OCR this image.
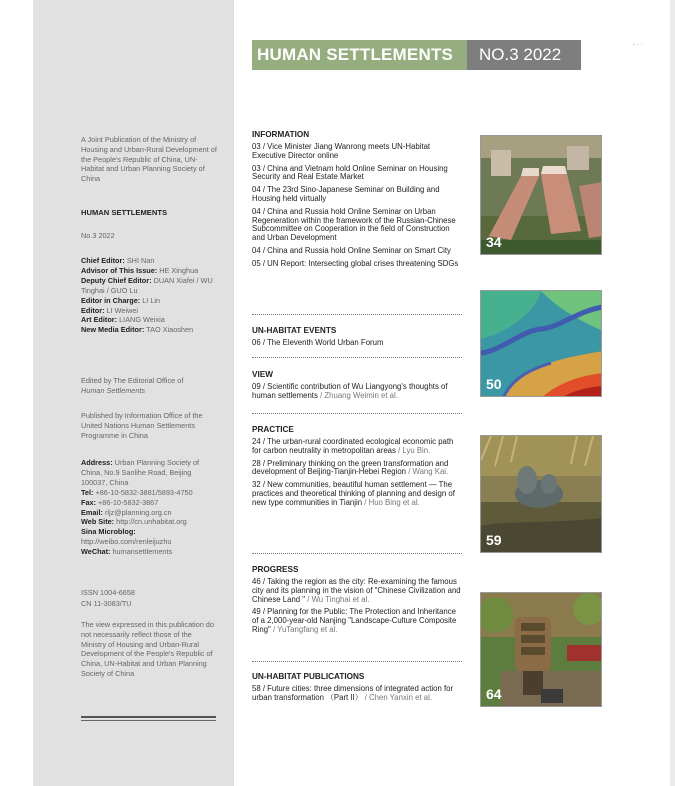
- · ·
HUMAN SETTLEMENTS	NO.3 2022
A Joint Publication of the Ministry of Housing and Urban-Rural Development of the People's Republic of China, UN-Habitat and Urban Planning Society of China
HUMAN SETTLEMENTS
No.3 2022
Chief Editor: SHI Nan
Advisor of This Issue: HE Xinghua
Deputy Chief Editor: DUAN Xiafei / WU Tinghai / GUO Lu
Editor in Charge: LI Lin
Editor: LI Weiwei
Art Editor: LIANG Weixia
New Media Editor: TAO Xiaoshen
Edited by The Editorial Office of
Human Settlements
Published by Information Office of the United Nations Human Settlements Programme in China
Address: Urban Planning Society of China, No.9 Sanlihe Road, Beijing 100037, China
Tel: +86-10-5832-3881/5893-4750
Fax: +86-10-5832-3867
Email: rljz@planning.org.cn
Web Site: http://cn.unhabitat.org
Sina Microblog: http://weibo.com/renleijuzhu
WeChat: humansettlements
ISSN 1004-6658
CN 11-3083/TU
The view expressed in this publication do not necessarily reflect those of the Ministry of Housing and Urban-Rural Development of the People's Republic of China, UN-Habitat and Urban Planning Society of China
INFORMATION
03 / Vice Minister Jiang Wanrong meets UN-Habitat Executive Director online
03 / China and Vietnam hold Online Seminar on Housing Security and Real Estate Market
04 / The 23rd Sino-Japanese Seminar on Building and Housing held virtually
04 / China and Russia hold Online Seminar on Urban Regeneration within the framework of the Russian-Chinese Subcommittee on Cooperation in the field of Construction and Urban Development
04 / China and Russia hold Online Seminar on Smart City
05 / UN Report: Intersecting global crises threatening SDGs
UN-HABITAT EVENTS
06 / The Eleventh World Urban Forum
VIEW
09 / Scientific contribution of Wu Liangyong's thoughts of human settlements / Zhuang Weimin et al.
PRACTICE
24 / The urban-rural coordinated ecological economic path for carbon neutrality in metropolitan areas / Lyu Bin.
28 / Preliminary thinking on the green transformation and development of Beijing-Tianjin-Hebei Region / Wang Kai.
32 / New communities, beautiful human settlement — The practices and theoretical thinking of planning and design of new type communities in Tianjin / Huo Bing et al.
PROGRESS
46 / Taking the region as the city: Re-examining the famous city and its planning in the vision of "Chinese Civilization and Chinese Land " / Wu Tinghai et al.
49 / Planning for the Public: The Protection and Inheritance of a 2,000-year-old Nanjing "Landscape-Culture Composite Ring" / YuTangfang et al.
UN-HABITAT PUBLICATIONS
58 / Future cities: three dimensions of integrated action for urban transformation （Part II） / Chen Yanxin et al.
34
50
59
64
